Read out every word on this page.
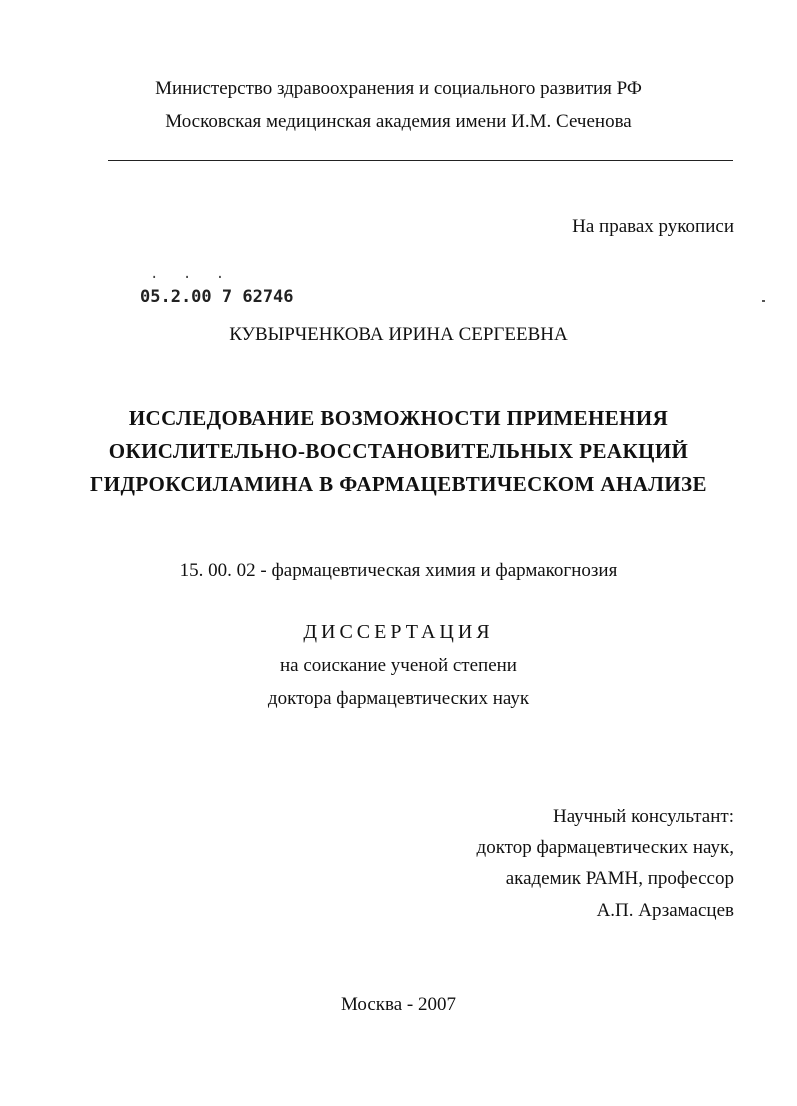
Министерство здравоохранения и социального развития РФ
Московская медицинская академия имени И.М. Сеченова
На правах рукописи
· · ·
05.2.00 7 62746
КУВЫРЧЕНКОВА ИРИНА СЕРГЕЕВНА
ИССЛЕДОВАНИЕ ВОЗМОЖНОСТИ ПРИМЕНЕНИЯ
ОКИСЛИТЕЛЬНО-ВОССТАНОВИТЕЛЬНЫХ РЕАКЦИЙ
ГИДРОКСИЛАМИНА В ФАРМАЦЕВТИЧЕСКОМ АНАЛИЗЕ
15. 00. 02 - фармацевтическая химия и фармакогнозия
ДИССЕРТАЦИЯ
на соискание ученой степени
доктора фармацевтических наук
Научный консультант:
доктор фармацевтических наук,
академик РАМН, профессор
А.П. Арзамасцев
Москва - 2007
